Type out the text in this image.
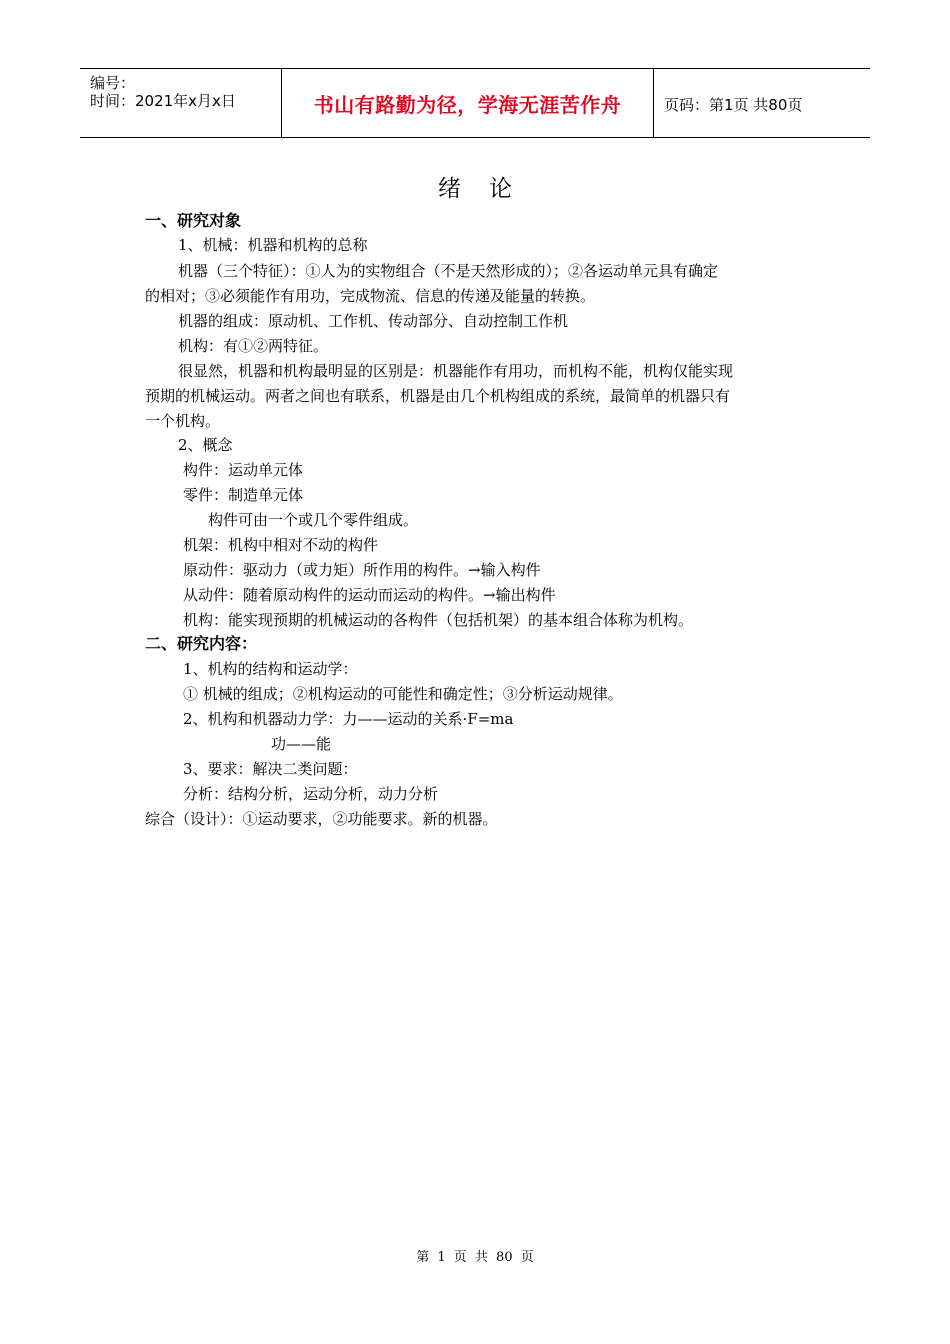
编号：
时间：2021年x月x日	书山有路勤为径，学海无涯苦作舟	页码：第1页 共80页
绪论
一、研究对象
1、机械：机器和机构的总称
机器（三个特征）：①人为的实物组合（不是天然形成的）；②各运动单元具有确定
的相对；③必须能作有用功，完成物流、信息的传递及能量的转换。
机器的组成：原动机、工作机、传动部分、自动控制工作机
机构：有①②两特征。
很显然，机器和机构最明显的区别是：机器能作有用功，而机构不能，机构仅能实现
预期的机械运动。两者之间也有联系，机器是由几个机构组成的系统，最简单的机器只有
一个机构。
2、概念
构件：运动单元体
零件：制造单元体
构件可由一个或几个零件组成。
机架：机构中相对不动的构件
原动件：驱动力（或力矩）所作用的构件。→输入构件
从动件：随着原动构件的运动而运动的构件。→输出构件
机构：能实现预期的机械运动的各构件（包括机架）的基本组合体称为机构。
二、研究内容：
1、机构的结构和运动学：
① 机械的组成；②机构运动的可能性和确定性；③分析运动规律。
2、机构和机器动力学：力——运动的关系·F=ma
功——能
3、要求：解决二类问题：
分析：结构分析，运动分析，动力分析
综合（设计）：①运动要求，②功能要求。新的机器。
第 1 页 共 80 页
